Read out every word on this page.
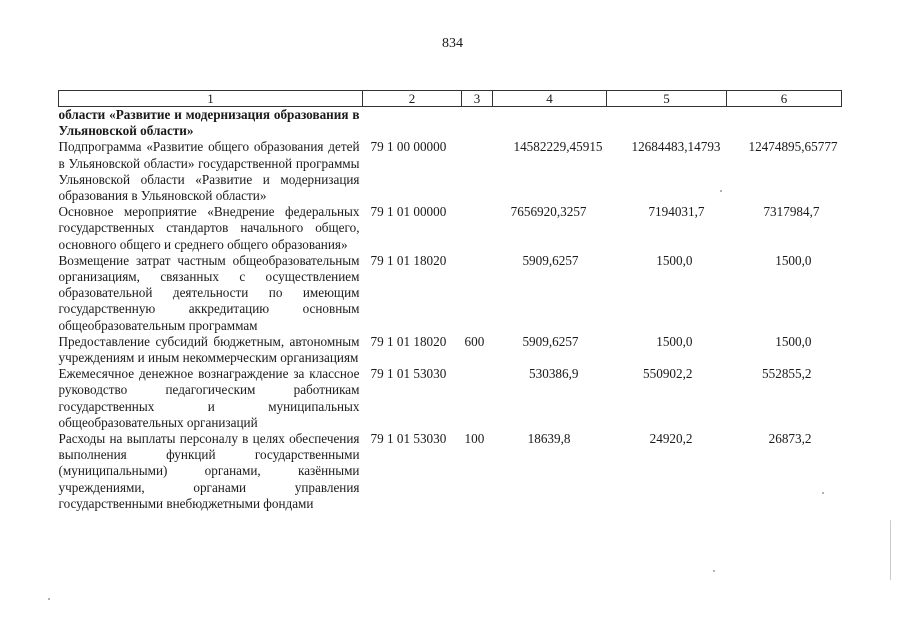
834
1	2	3	4	5	6
области «Развитие и модернизация образования в Ульяновской области»					
Подпрограмма «Развитие общего образования детей в Ульяновской области» государственной программы Ульяновской области «Развитие и модернизация образования в Ульяновской области»	79 1 00 00000		14582229,45915	12684483,14793	12474895,65777
Основное мероприятие «Внедрение федеральных государственных стандартов начального общего, основного общего и среднего общего образования»	79 1 01 00000		7656920,3257	7194031,7	7317984,7
Возмещение затрат частным общеобразовательным организациям, связанных с осуществлением образовательной деятельности по имеющим государственную аккредитацию основным общеобразовательным программам	79 1 01 18020		5909,6257	1500,0	1500,0
Предоставление субсидий бюджетным, автономным учреждениям и иным некоммерческим организациям	79 1 01 18020	600	5909,6257	1500,0	1500,0
Ежемесячное денежное вознаграждение за классное руководство педагогическим работникам государственных и муниципальных общеобразовательных организаций	79 1 01 53030		530386,9	550902,2	552855,2
Расходы на выплаты персоналу в целях обеспечения выполнения функций государственными (муниципальными) органами, казёнными учреждениями, органами управления государственными внебюджетными фондами	79 1 01 53030	100	18639,8	24920,2	26873,2
